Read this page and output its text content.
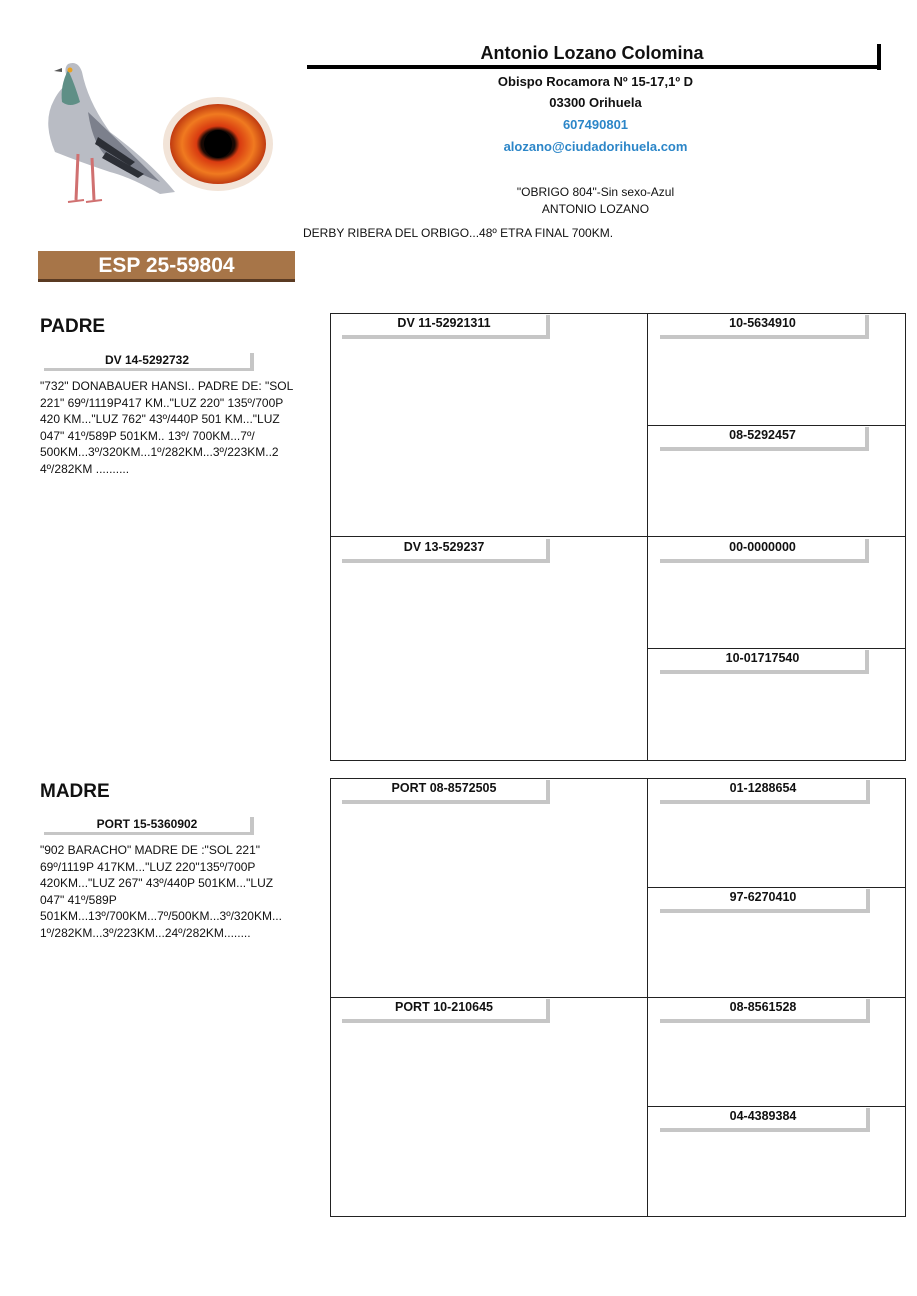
Antonio Lozano Colomina
Obispo Rocamora Nº 15-17,1º D
03300 Orihuela
607490801
alozano@ciudadorihuela.com
"OBRIGO 804"-Sin sexo-Azul
ANTONIO LOZANO
DERBY RIBERA DEL ORBIGO...48º ETRA FINAL 700KM.
ESP 25-59804
PADRE
DV 14-5292732
"732" DONABAUER HANSI.. PADRE DE: "SOL 221" 69º/1119P417 KM.."LUZ 220" 135º/700P 420 KM..."LUZ 762" 43º/440P 501 KM..."LUZ 047" 41º/589P 501KM.. 13º/ 700KM...7º/ 500KM...3º/320KM...1º/282KM...3º/223KM..2 4º/282KM ..........
MADRE
PORT 15-5360902
"902 BARACHO" MADRE DE :"SOL 221" 69º/1119P 417KM..."LUZ 220"135º/700P 420KM..."LUZ 267" 43º/440P 501KM..."LUZ 047" 41º/589P 501KM...13º/700KM...7º/500KM...3º/320KM... 1º/282KM...3º/223KM...24º/282KM........
DV 11-52921311
DV 13-529237
10-5634910
08-5292457
00-0000000
10-01717540
PORT 08-8572505
PORT 10-210645
01-1288654
97-6270410
08-8561528
04-4389384
